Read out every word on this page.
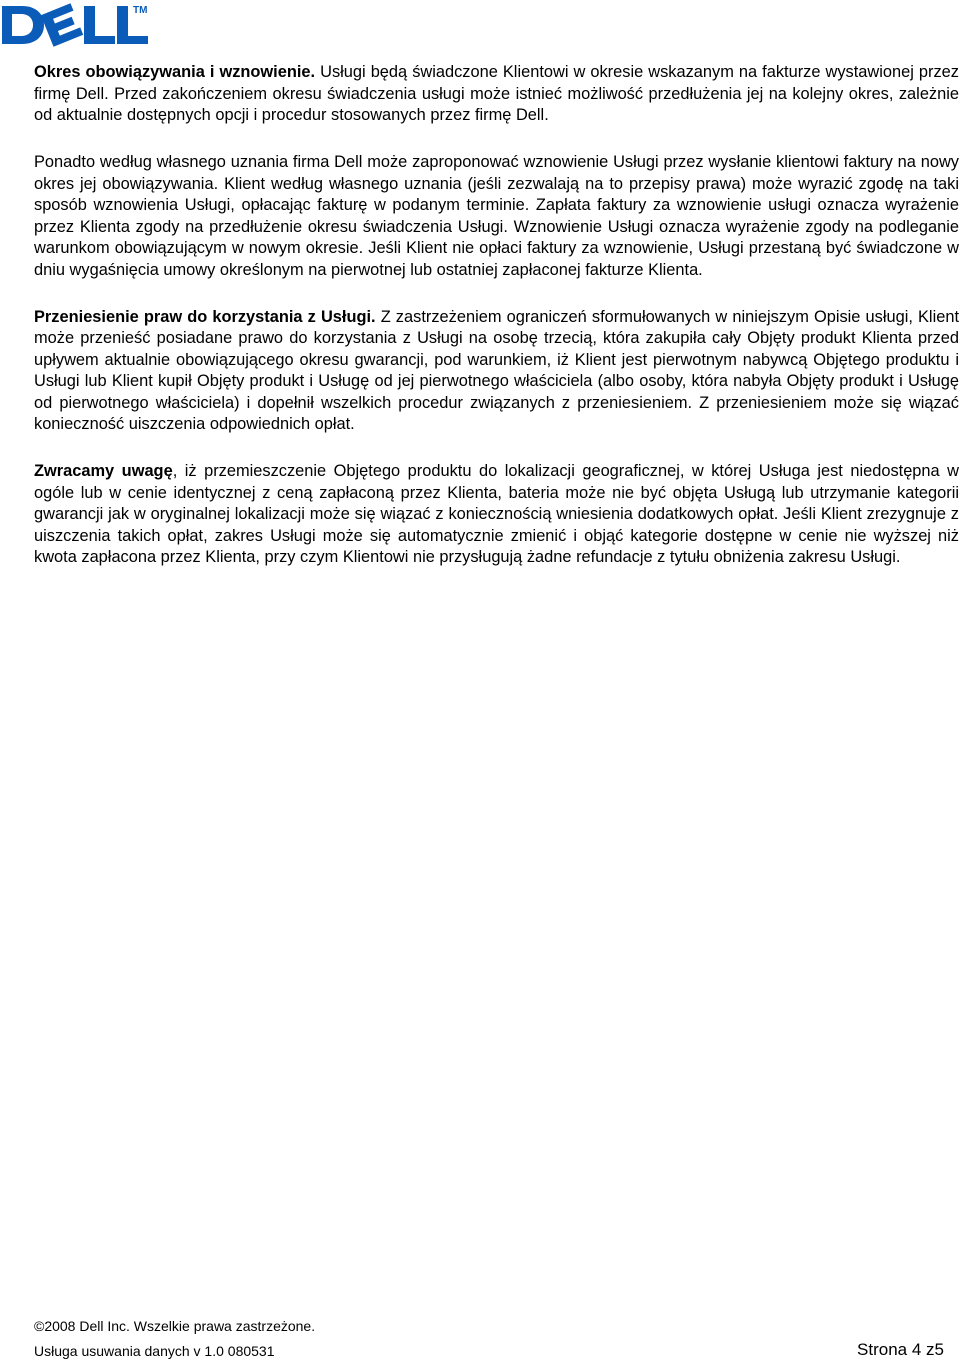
TM

Okres obowiązywania i wznowienie. Usługi będą świadczone Klientowi w okresie wskazanym na fakturze wystawionej przez firmę Dell. Przed zakończeniem okresu świadczenia usługi może istnieć możliwość przedłużenia jej na kolejny okres, zależnie od aktualnie dostępnych opcji i procedur stosowanych przez firmę Dell.

Ponadto według własnego uznania firma Dell może zaproponować wznowienie Usługi przez wysłanie klientowi faktury na nowy okres jej obowiązywania. Klient według własnego uznania (jeśli zezwalają na to przepisy prawa) może wyrazić zgodę na taki sposób wznowienia Usługi, opłacając fakturę w podanym terminie. Zapłata faktury za wznowienie usługi oznacza wyrażenie przez Klienta zgody na przedłużenie okresu świadczenia Usługi. Wznowienie Usługi oznacza wyrażenie zgody na podleganie warunkom obowiązującym w nowym okresie. Jeśli Klient nie opłaci faktury za wznowienie, Usługi przestaną być świadczone w dniu wygaśnięcia umowy określonym na pierwotnej lub ostatniej zapłaconej fakturze Klienta.

Przeniesienie praw do korzystania z Usługi. Z zastrzeżeniem ograniczeń sformułowanych w niniejszym Opisie usługi, Klient może przenieść posiadane prawo do korzystania z Usługi na osobę trzecią, która zakupiła cały Objęty produkt Klienta przed upływem aktualnie obowiązującego okresu gwarancji, pod warunkiem, iż Klient jest pierwotnym nabywcą Objętego produktu i Usługi lub Klient kupił Objęty produkt i Usługę od jej pierwotnego właściciela (albo osoby, która nabyła Objęty produkt i Usługę od pierwotnego właściciela) i dopełnił wszelkich procedur związanych z przeniesieniem. Z przeniesieniem może się wiązać konieczność uiszczenia odpowiednich opłat.

Zwracamy uwagę, iż przemieszczenie Objętego produktu do lokalizacji geograficznej, w której Usługa jest niedostępna w ogóle lub w cenie identycznej z ceną zapłaconą przez Klienta, bateria może nie być objęta Usługą lub utrzymanie kategorii gwarancji jak w oryginalnej lokalizacji może się wiązać z koniecznością wniesienia dodatkowych opłat. Jeśli Klient zrezygnuje z uiszczenia takich opłat, zakres Usługi może się automatycznie zmienić i objąć kategorie dostępne w cenie nie wyższej niż kwota zapłacona przez Klienta, przy czym Klientowi nie przysługują żadne refundacje z tytułu obniżenia zakresu Usługi.

©2008 Dell Inc. Wszelkie prawa zastrzeżone.
Usługa usuwania danych v 1.0 080531	Strona 4 z5
